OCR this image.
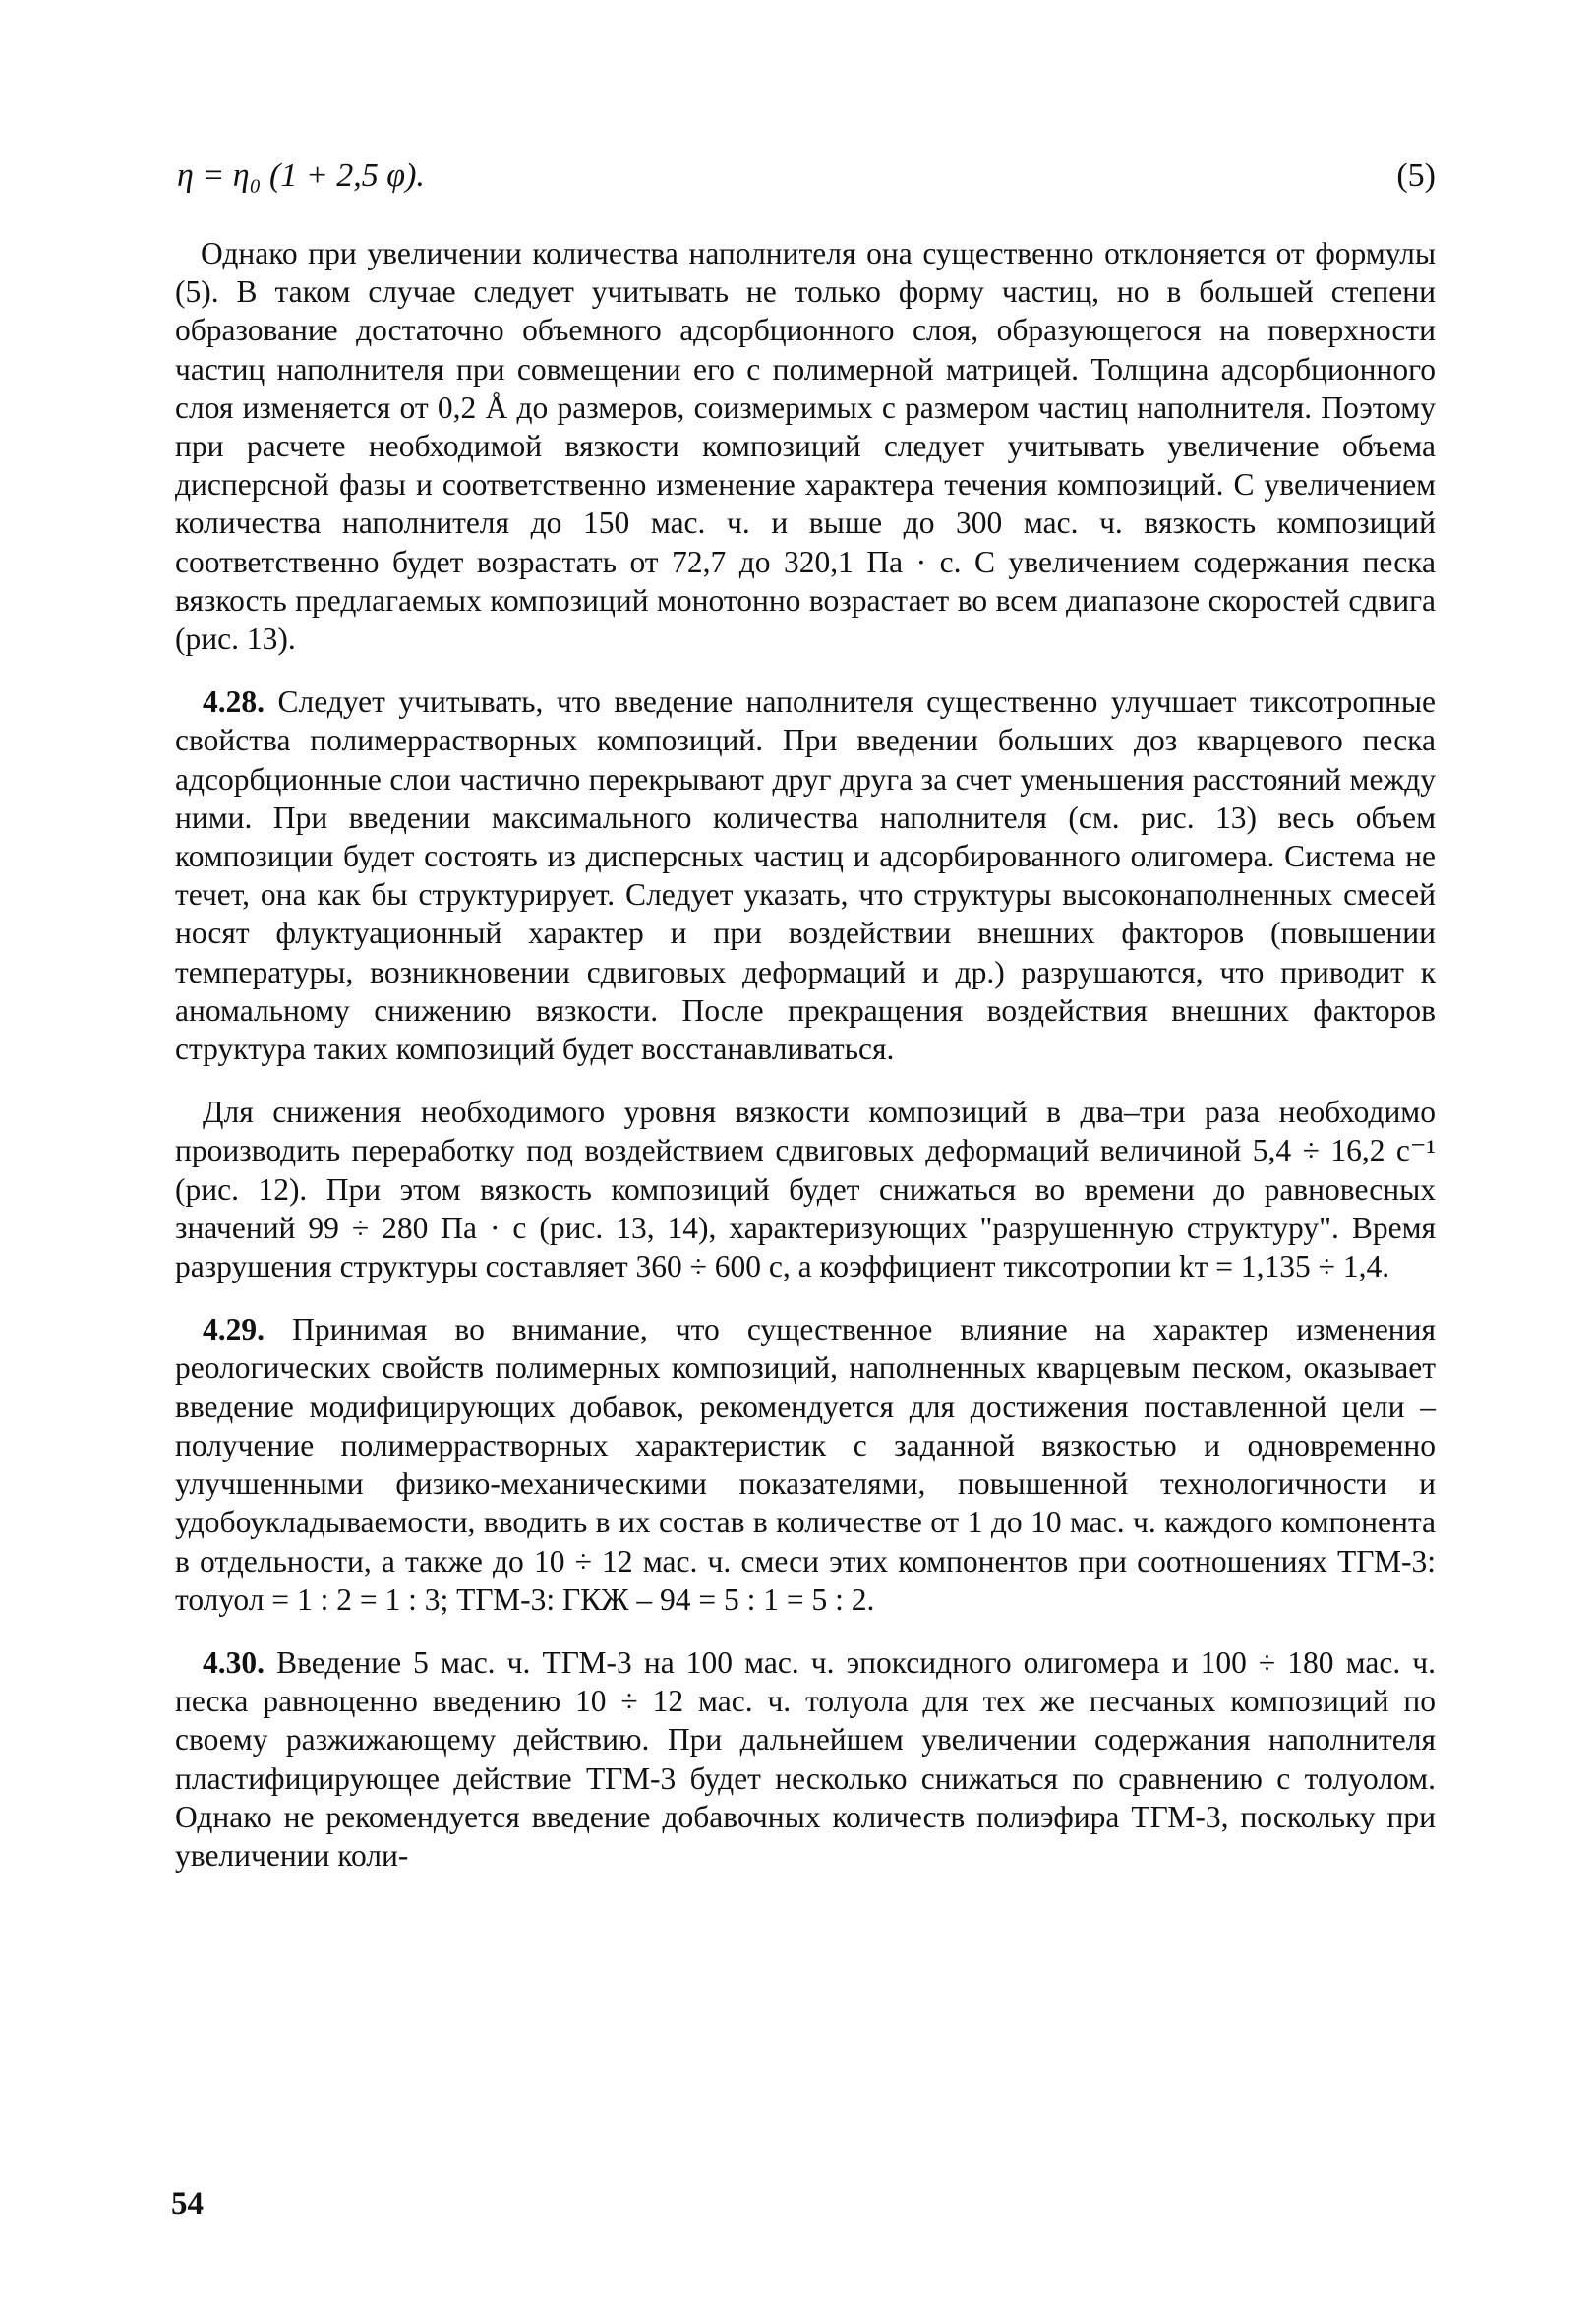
η = η₀ (1 + 2,5 φ).	(5)

Однако при увеличении количества наполнителя она существенно отклоняется от формулы (5). В таком случае следует учитывать не только форму частиц, но в большей степени образование достаточно объемного адсорбционного слоя, образующегося на поверхности частиц наполнителя при совмещении его с полимерной матрицей. Толщина адсорбционного слоя изменяется от 0,2 Å до размеров, соизмеримых с размером частиц наполнителя. Поэтому при расчете необходимой вязкости композиций следует учитывать увеличение объема дисперсной фазы и соответственно изменение характера течения композиций. С увеличением количества наполнителя до 150 мас. ч. и выше до 300 мас. ч. вязкость композиций соответственно будет возрастать от 72,7 до 320,1 Па · с. С увеличением содержания песка вязкость предлагаемых композиций монотонно возрастает во всем диапазоне скоростей сдвига (рис. 13).

4.28. Следует учитывать, что введение наполнителя существенно улучшает тиксотропные свойства полимеррастворных композиций. При введении больших доз кварцевого песка адсорбционные слои частично перекрывают друг друга за счет уменьшения расстояний между ними. При введении максимального количества наполнителя (см. рис. 13) весь объем композиции будет состоять из дисперсных частиц и адсорбированного олигомера. Система не течет, она как бы структурирует. Следует указать, что структуры высоконаполненных смесей носят флуктуационный характер и при воздействии внешних факторов (повышении температуры, возникновении сдвиговых деформаций и др.) разрушаются, что приводит к аномальному снижению вязкости. После прекращения воздействия внешних факторов структура таких композиций будет восстанавливаться.

Для снижения необходимого уровня вязкости композиций в два–три раза необходимо производить переработку под воздействием сдвиговых деформаций величиной 5,4 ÷ 16,2 с⁻¹ (рис. 12). При этом вязкость композиций будет снижаться во времени до равновесных значений 99 ÷ 280 Па · с (рис. 13, 14), характеризующих "разрушенную структуру". Время разрушения структуры составляет 360 ÷ 600 с, а коэффициент тиксотропии kт = 1,135 ÷ 1,4.

4.29. Принимая во внимание, что существенное влияние на характер изменения реологических свойств полимерных композиций, наполненных кварцевым песком, оказывает введение модифицирующих добавок, рекомендуется для достижения поставленной цели – получение полимеррастворных характеристик с заданной вязкостью и одновременно улучшенными физико-механическими показателями, повышенной технологичности и удобоукладываемости, вводить в их состав в количестве от 1 до 10 мас. ч. каждого компонента в отдельности, а также до 10 ÷ 12 мас. ч. смеси этих компонентов при соотношениях ТГМ-3: толуол = 1 : 2 = 1 : 3; ТГМ-3: ГКЖ – 94 = 5 : 1 = 5 : 2.

4.30. Введение 5 мас. ч. ТГМ-3 на 100 мас. ч. эпоксидного олигомера и 100 ÷ 180 мас. ч. песка равноценно введению 10 ÷ 12 мас. ч. толуола для тех же песчаных композиций по своему разжижающему действию. При дальнейшем увеличении содержания наполнителя пластифицирующее действие ТГМ-3 будет несколько снижаться по сравнению с толуолом. Однако не рекомендуется введение добавочных количеств полиэфира ТГМ-3, поскольку при увеличении коли-

54
